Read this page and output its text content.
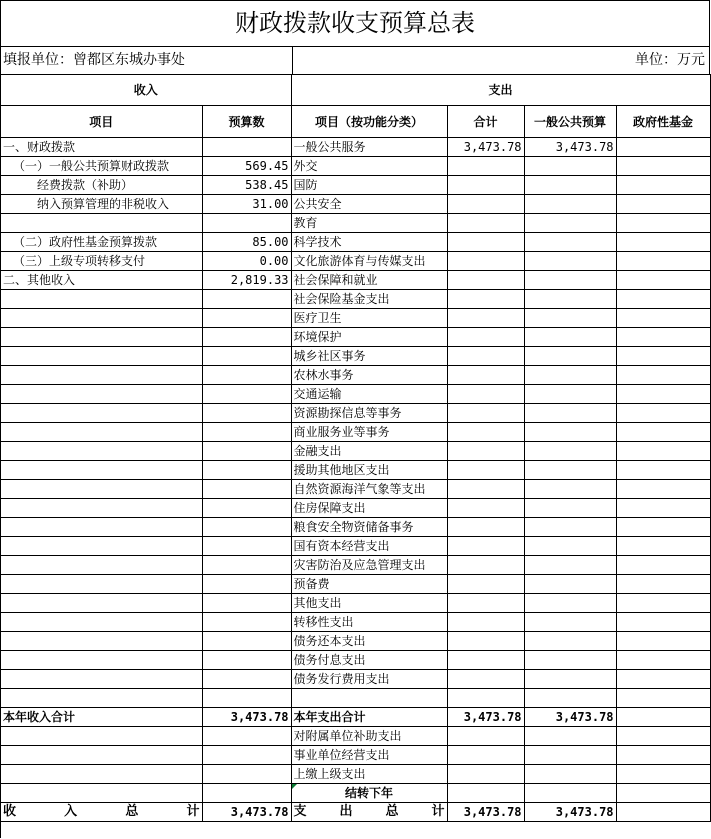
财政拨款收支预算总表
填报单位：曾都区东城办事处	单位：万元
收入		支出			
项目	预算数	项目（按功能分类）	合计	一般公共预算	政府性基金
一、财政拨款		一般公共服务	3,473.78	3,473.78	
（一）一般公共预算财政拨款	569.45	外交			
经费拨款（补助）	538.45	国防			
纳入预算管理的非税收入	31.00	公共安全			
		教育			
（二）政府性基金预算拨款	85.00	科学技术			
（三）上级专项转移支付	0.00	文化旅游体育与传媒支出			
二、其他收入	2,819.33	社会保障和就业			
		社会保险基金支出			
		医疗卫生			
		环境保护			
		城乡社区事务			
		农林水事务			
		交通运输			
		资源勘探信息等事务			
		商业服务业等事务			
		金融支出			
		援助其他地区支出			
		自然资源海洋气象等支出			
		住房保障支出			
		粮食安全物资储备事务			
		国有资本经营支出			
		灾害防治及应急管理支出			
		预备费			
		其他支出			
		转移性支出			
		债务还本支出			
		债务付息支出			
		债务发行费用支出			

本年收入合计	3,473.78	本年支出合计	3,473.78	3,473.78	
		对附属单位补助支出			
		事业单位经营支出			
		上缴上级支出			
		结转下年

收入总计	3,473.78	支出总计	3,473.78	3,473.78	
